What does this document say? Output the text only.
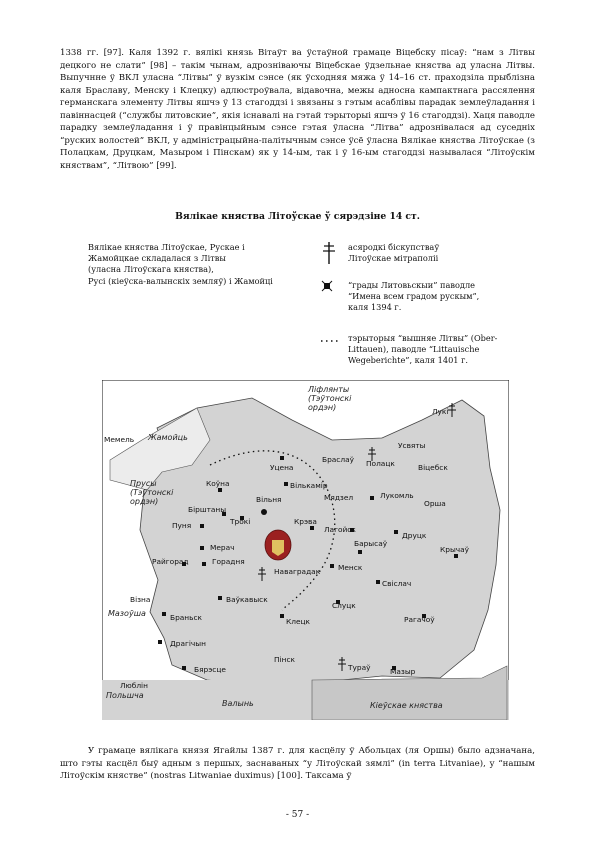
1338 гг. [97]. Каля 1392 г. вялікі князь Вітаўт ва ўстаўной грамаце Віцебску пісаў: “нам з Літвы децкого не слати” [98] – такім чынам, адрозніваючы Віцебскае ўдзельнае княства ад уласна Літвы. Выпучнне ў ВКЛ уласна “Літвы” ў вузкім сэнсе (як ўсходняя мяжа ў 14–16 ст. праходзіла прыблізна каля Браславу, Менску і Клецку) адлюстроўвала, відавочна, межы адносна кампактнага рассялення германскага элементу Літвы яшчэ ў 13 стагоддзі і звязаны з гэтым асаблівы парадак землеўладання і павіннасцей (“службы литовские”, якія існавалі на гэтай тэрыторыі яшчэ ў 16 стагоддзі). Хаця паводле парадку землеўладання і ў правінцыйным сэнсе гэтая ўласна “Літва” адрознівалася ад суседніх “руских волостей” ВКЛ, у адміністрацыйна-палітычным сэнсе ўсё ўласна Вялікае княства Літоўскае (з Полацкам, Друцкам, Мазыром і Пінскам) як у 14-ым, так і ў 16-ым стагоддзі называлася “Літоўскім княствам”, “Літвою” [99].

Вялікае княства Літоўскае ў сярэдзіне 14 ст.
Вялікае княства Літоўскае, Рускае і
Жамойцкае складалася з Літвы
(уласна Літоўскага княства),
Русі (кіеўска-валынскіх земляў) і Жамойці
асяродкі біскупстваў
Літоўскае мітраполіі
“грады Литовьскыи” паводле
“Имена всем градом рускым”,
каля 1394 г.
тэрыторыя “вышняе Літвы” (Ober-
Littauen), паводле “Littauische
Wegeberichte”, каля 1401 г.
Ліфлянты (Тэўтонскі ордэн)
Жамойць
Прусы (Тэўтонскі ордэн)
Мазоўша
Польшча
Валынь	Кіеўскае княства
Мемель
Лукі
Браслаў
Усвяты
Полацк	Віцебск
Уцена
Вількамір
Коўна
Вільня
Бірштаны
Трокі
Пуня
Мядзел	Лукомль
Крэва
Орша
Лагойск
Друцк
Мерач	Барысаў
Крычаў
Райгорад	Горадня
Наваградак Менск
Свіслач
Ваўкавыск
Візна
Браньск
Слуцк
Клецк	Рагачоў
Драгічын
Бярэсце
Пінск
Тураў	Мазыр
Люблін
- 57 -

У грамаце вялікага князя Ягайлы 1387 г. для касцёлу ў Абольцах (ля Оршы) было адзначана, што гэты касцёл быў адным з першых, заснаваных “у Літоўскай зямлі” (in terra Litvaniae), у “нашым Літоўскім княстве” (nostras Litwaniae duximus) [100]. Таксама ў
